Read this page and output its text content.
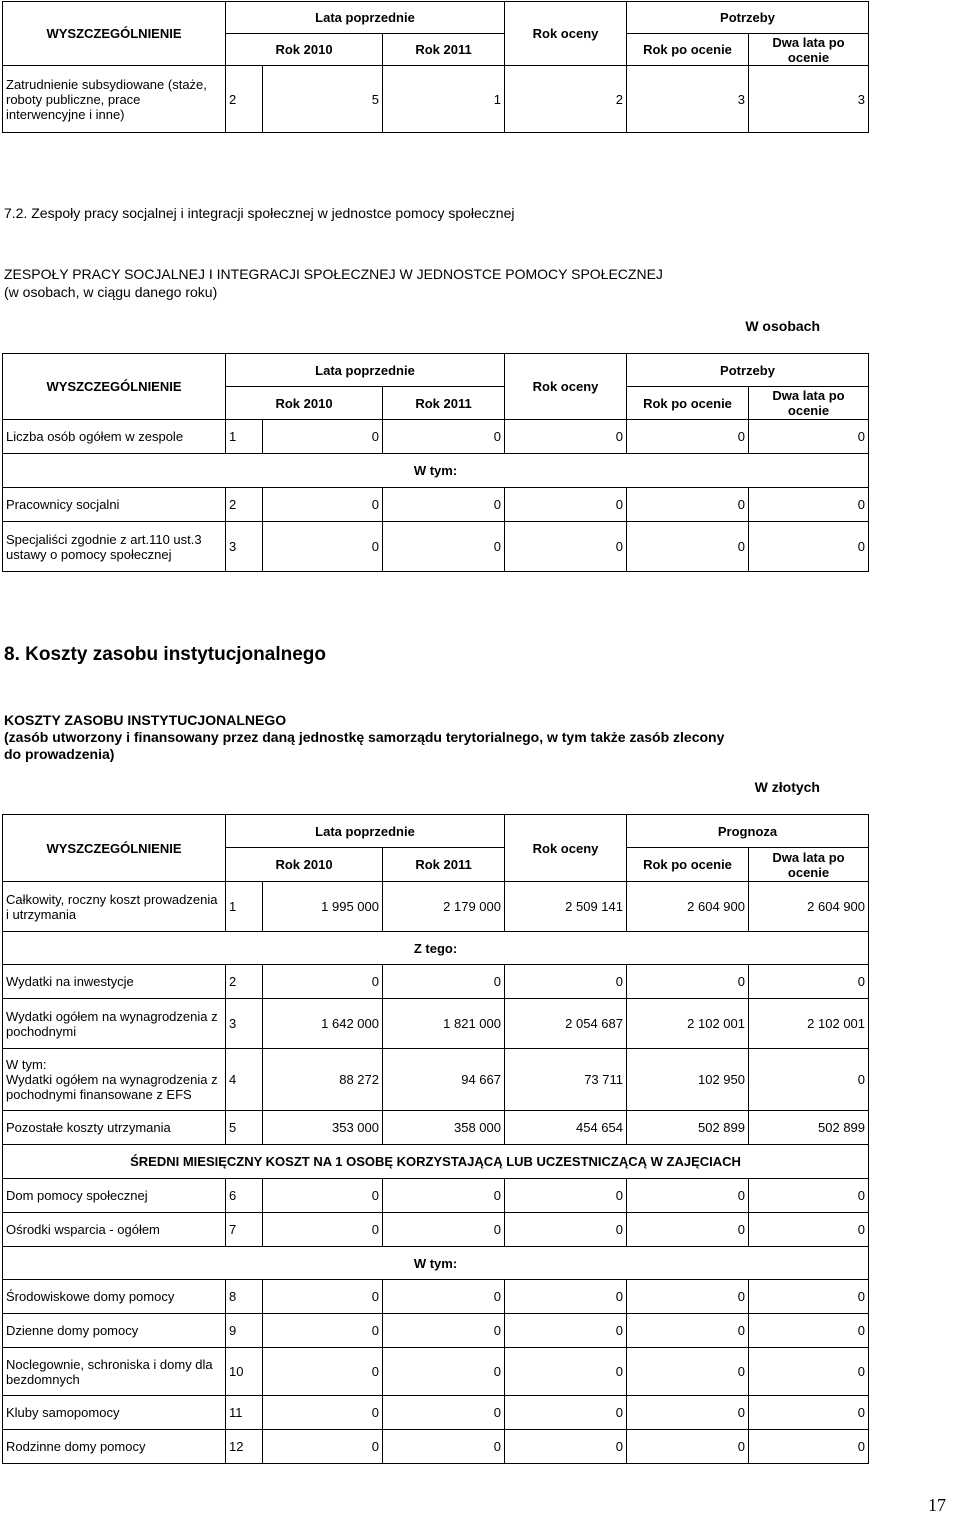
WYSZCZEGÓLNIENIE	Lata poprzednie			Rok oceny	Potrzeby	
	Rok 2010		Rok 2011		Rok po ocenie	Dwa lata po ocenie
Zatrudnienie subsydiowane (staże, roboty publiczne, prace interwencyjne i inne)	2	5	1	2	3	3
7.2. Zespoły pracy socjalnej i integracji społecznej w jednostce pomocy społecznej
ZESPOŁY PRACY SOCJALNEJ I INTEGRACJI SPOŁECZNEJ W JEDNOSTCE POMOCY SPOŁECZNEJ
(w osobach, w ciągu danego roku)
W osobach
WYSZCZEGÓLNIENIE	Lata poprzednie			Rok oceny	Potrzeby	
	Rok 2010		Rok 2011		Rok po ocenie	Dwa lata po ocenie
Liczba osób ogółem w zespole	1	0	0	0	0	0
W tym:						
Pracownicy socjalni	2	0	0	0	0	0
Specjaliści zgodnie z art.110 ust.3 ustawy o pomocy społecznej	3	0	0	0	0	0
8. Koszty zasobu instytucjonalnego
KOSZTY ZASOBU INSTYTUCJONALNEGO
(zasób utworzony i finansowany przez daną jednostkę samorządu terytorialnego, w tym także zasób zlecony do prowadzenia)
W złotych
WYSZCZEGÓLNIENIE	Lata poprzednie			Rok oceny	Prognoza	
	Rok 2010		Rok 2011		Rok po ocenie	Dwa lata po ocenie
Całkowity, roczny koszt prowadzenia i utrzymania	1	1 995 000	2 179 000	2 509 141	2 604 900	2 604 900
Z tego:						
Wydatki na inwestycje	2	0	0	0	0	0
Wydatki ogółem na wynagrodzenia z pochodnymi	3	1 642 000	1 821 000	2 054 687	2 102 001	2 102 001

W tym:
Wydatki ogółem na wynagrodzenia z pochodnymi finansowane z EFS	4	88 272	94 667	73 711	102 950	0
Pozostałe koszty utrzymania	5	353 000	358 000	454 654	502 899	502 899
ŚREDNI MIESIĘCZNY KOSZT NA 1 OSOBĘ KORZYSTAJĄCĄ LUB UCZESTNICZĄCĄ W ZAJĘCIACH						
Dom pomocy społecznej	6	0	0	0	0	0
Ośrodki wsparcia - ogółem	7	0	0	0	0	0
W tym:						
Środowiskowe domy pomocy	8	0	0	0	0	0
Dzienne domy pomocy	9	0	0	0	0	0
Noclegownie, schroniska i domy dla bezdomnych	10	0	0	0	0	0
Kluby samopomocy	11	0	0	0	0	0
Rodzinne domy pomocy	12	0	0	0	0	0
17
